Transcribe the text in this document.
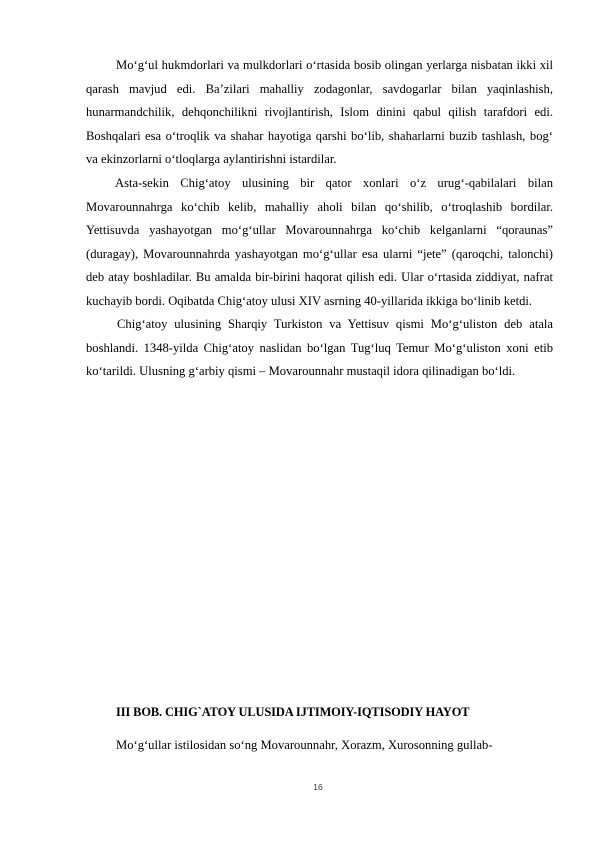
Mo‘g‘ul hukmdorlari va mulkdorlari o‘rtasida bosib olingan yerlarga nisbatan ikki xil qarash mavjud edi. Ba’zilari mahalliy zodagonlar, savdogarlar bilan yaqinlashish, hunarmandchilik, dehqonchilikni rivojlantirish, Islom dinini qabul qilish tarafdori edi. Boshqalari esa o‘troqlik va shahar hayotiga qarshi bo‘lib, shaharlarni buzib tashlash, bog‘ va ekinzorlarni o‘tloqlarga aylantirishni istardilar.

Asta-sekin Chig‘atoy ulusining bir qator xonlari o‘z urug‘-qabilalari bilan Movarounnahrga ko‘chib kelib, mahalliy aholi bilan qo‘shilib, o‘troqlashib bordilar. Yettisuvda yashayotgan mo‘g‘ullar Movarounnahrga ko‘chib kelganlarni “qoraunas” (duragay), Movarounnahrda yashayotgan mo‘g‘ullar esa ularni “jete” (qaroqchi, talonchi) deb atay boshladilar. Bu amalda bir-birini haqorat qilish edi. Ular o‘rtasida ziddiyat, nafrat kuchayib bordi. Oqibatda Chig‘atoy ulusi XIV asrning 40-yillarida ikkiga bo‘linib ketdi.

Chig‘atoy ulusining Sharqiy Turkiston va Yettisuv qismi Mo‘g‘uliston deb atala boshlandi. 1348-yilda Chig‘atoy naslidan bo‘lgan Tug‘luq Temur Mo‘g‘uliston xoni etib ko‘tarildi. Ulusning g‘arbiy qismi – Movarounnahr mustaqil idora qilinadigan bo‘ldi.

III BOB. CHIG`ATOY ULUSIDA IJTIMOIY-IQTISODIY HAYOT

Mo‘g‘ullar istilosidan so‘ng Movarounnahr, Xorazm, Xurosonning gullab-

16
